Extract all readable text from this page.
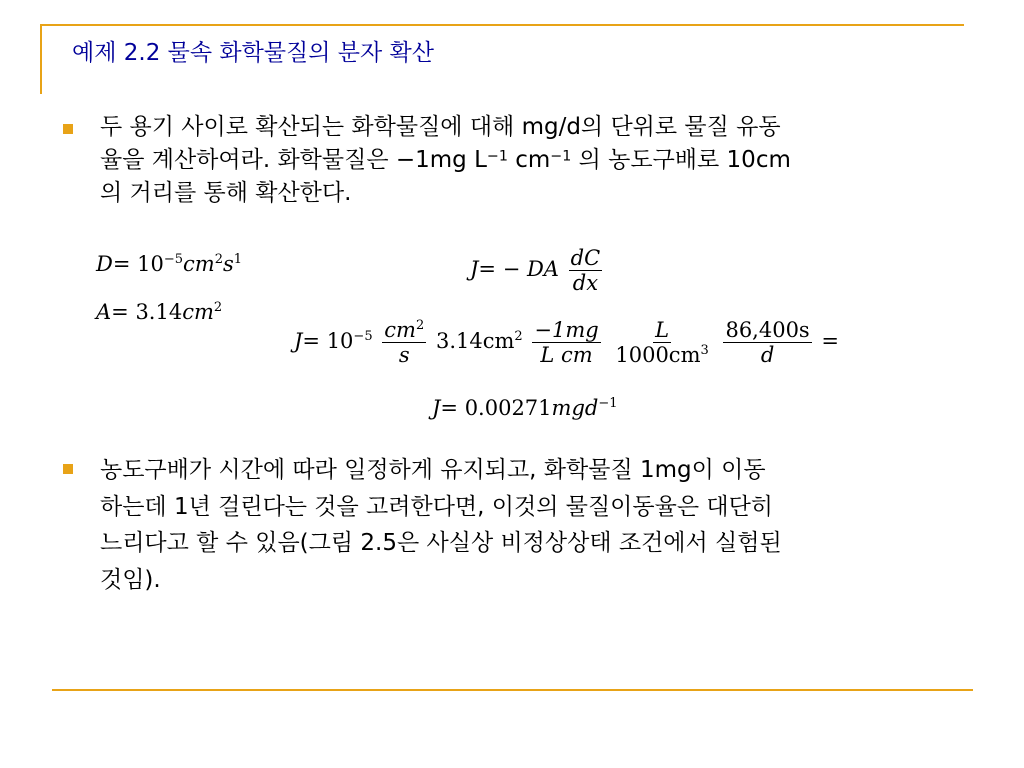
예제 2.2 물속 화학물질의 분자 확산
두 용기 사이로 확산되는 화학물질에 대해 mg/d의 단위로 물질 유동
율을 계산하여라. 화학물질은 −1mg $L^{-1}$ $cm^{-1}$ 의 농도구배로 10cm
의 거리를 통해 확산한다.
$D= 10^{-5}cm^2s^1$
$A= 3.14cm^2$
J= − DA $\frac{dC}{dx}$
$J= 10^{-5} \frac{cm^2}{s} 3.14cm^2 \frac{-1mg}{\text{L cm}}$
$\frac{L}{1000cm^3}$
$\frac{86,400s}{d}$ =
J= 0.00271mgd$^{-1}$
농도구배가 시간에 따라 일정하게 유지되고, 화학물질 1mg이 이동
하는데 1년 걸린다는 것을 고려한다면, 이것의 물질이동율은 대단히
느리다고 할 수 있음(그림 2.5은 사실상 비정상상태 조건에서 실험된
것임).
